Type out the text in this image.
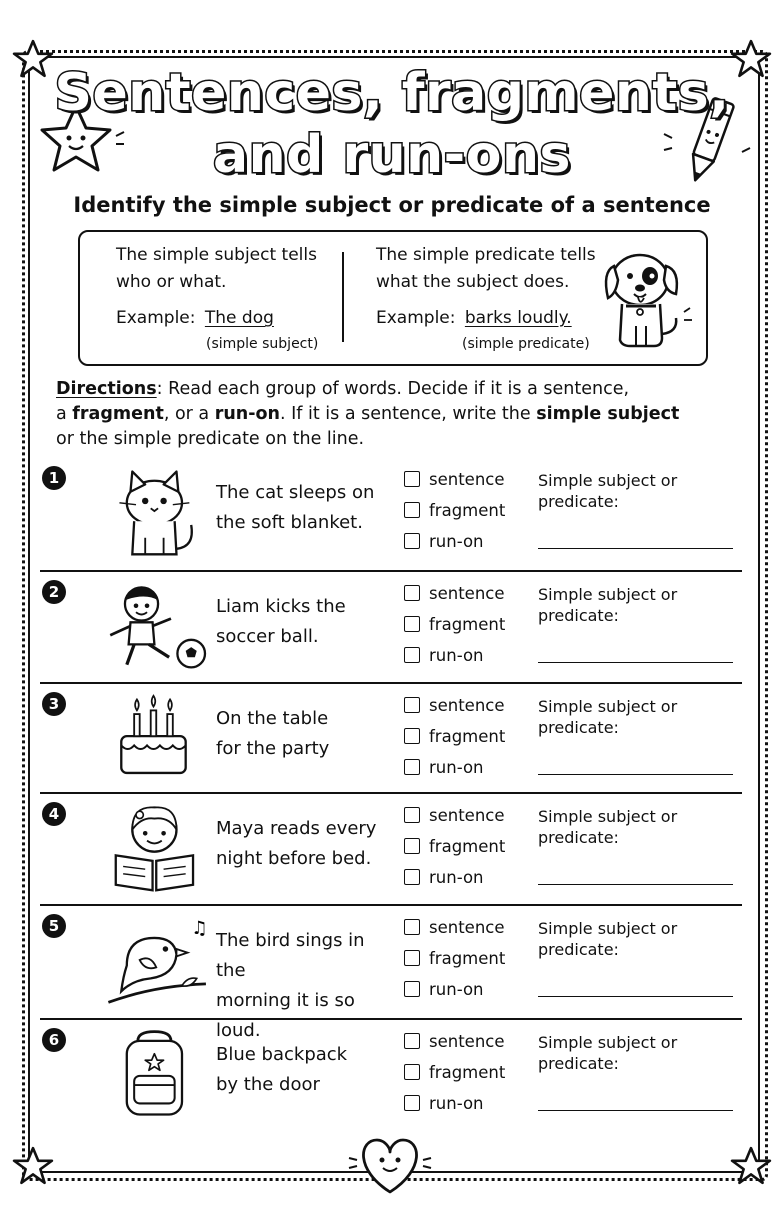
Sentences, fragments,
and run-ons
Identify the simple subject or predicate of a sentence
The simple subject tells
who or what.
Example: The dog
(simple subject)
The simple predicate tells
what the subject does.
Example: barks loudly.
(simple predicate)
Directions: Read each group of words. Decide if it is a sentence,
a fragment, or a run-on. If it is a sentence, write the simple subject
or the simple predicate on the line.
1
The cat sleeps on
the soft blanket.
sentence
fragment
run-on
Simple subject or
predicate:
2
Liam kicks the
soccer ball.
sentence
fragment
run-on
Simple subject or
predicate:
3
On the table
for the party
sentence
fragment
run-on
Simple subject or
predicate:
4
Maya reads every
night before bed.
sentence
fragment
run-on
Simple subject or
predicate:
5	♫
The bird sings in the
morning it is so loud.
sentence
fragment
run-on
Simple subject or
predicate:
6
Blue backpack
by the door
sentence
fragment
run-on
Simple subject or
predicate:
